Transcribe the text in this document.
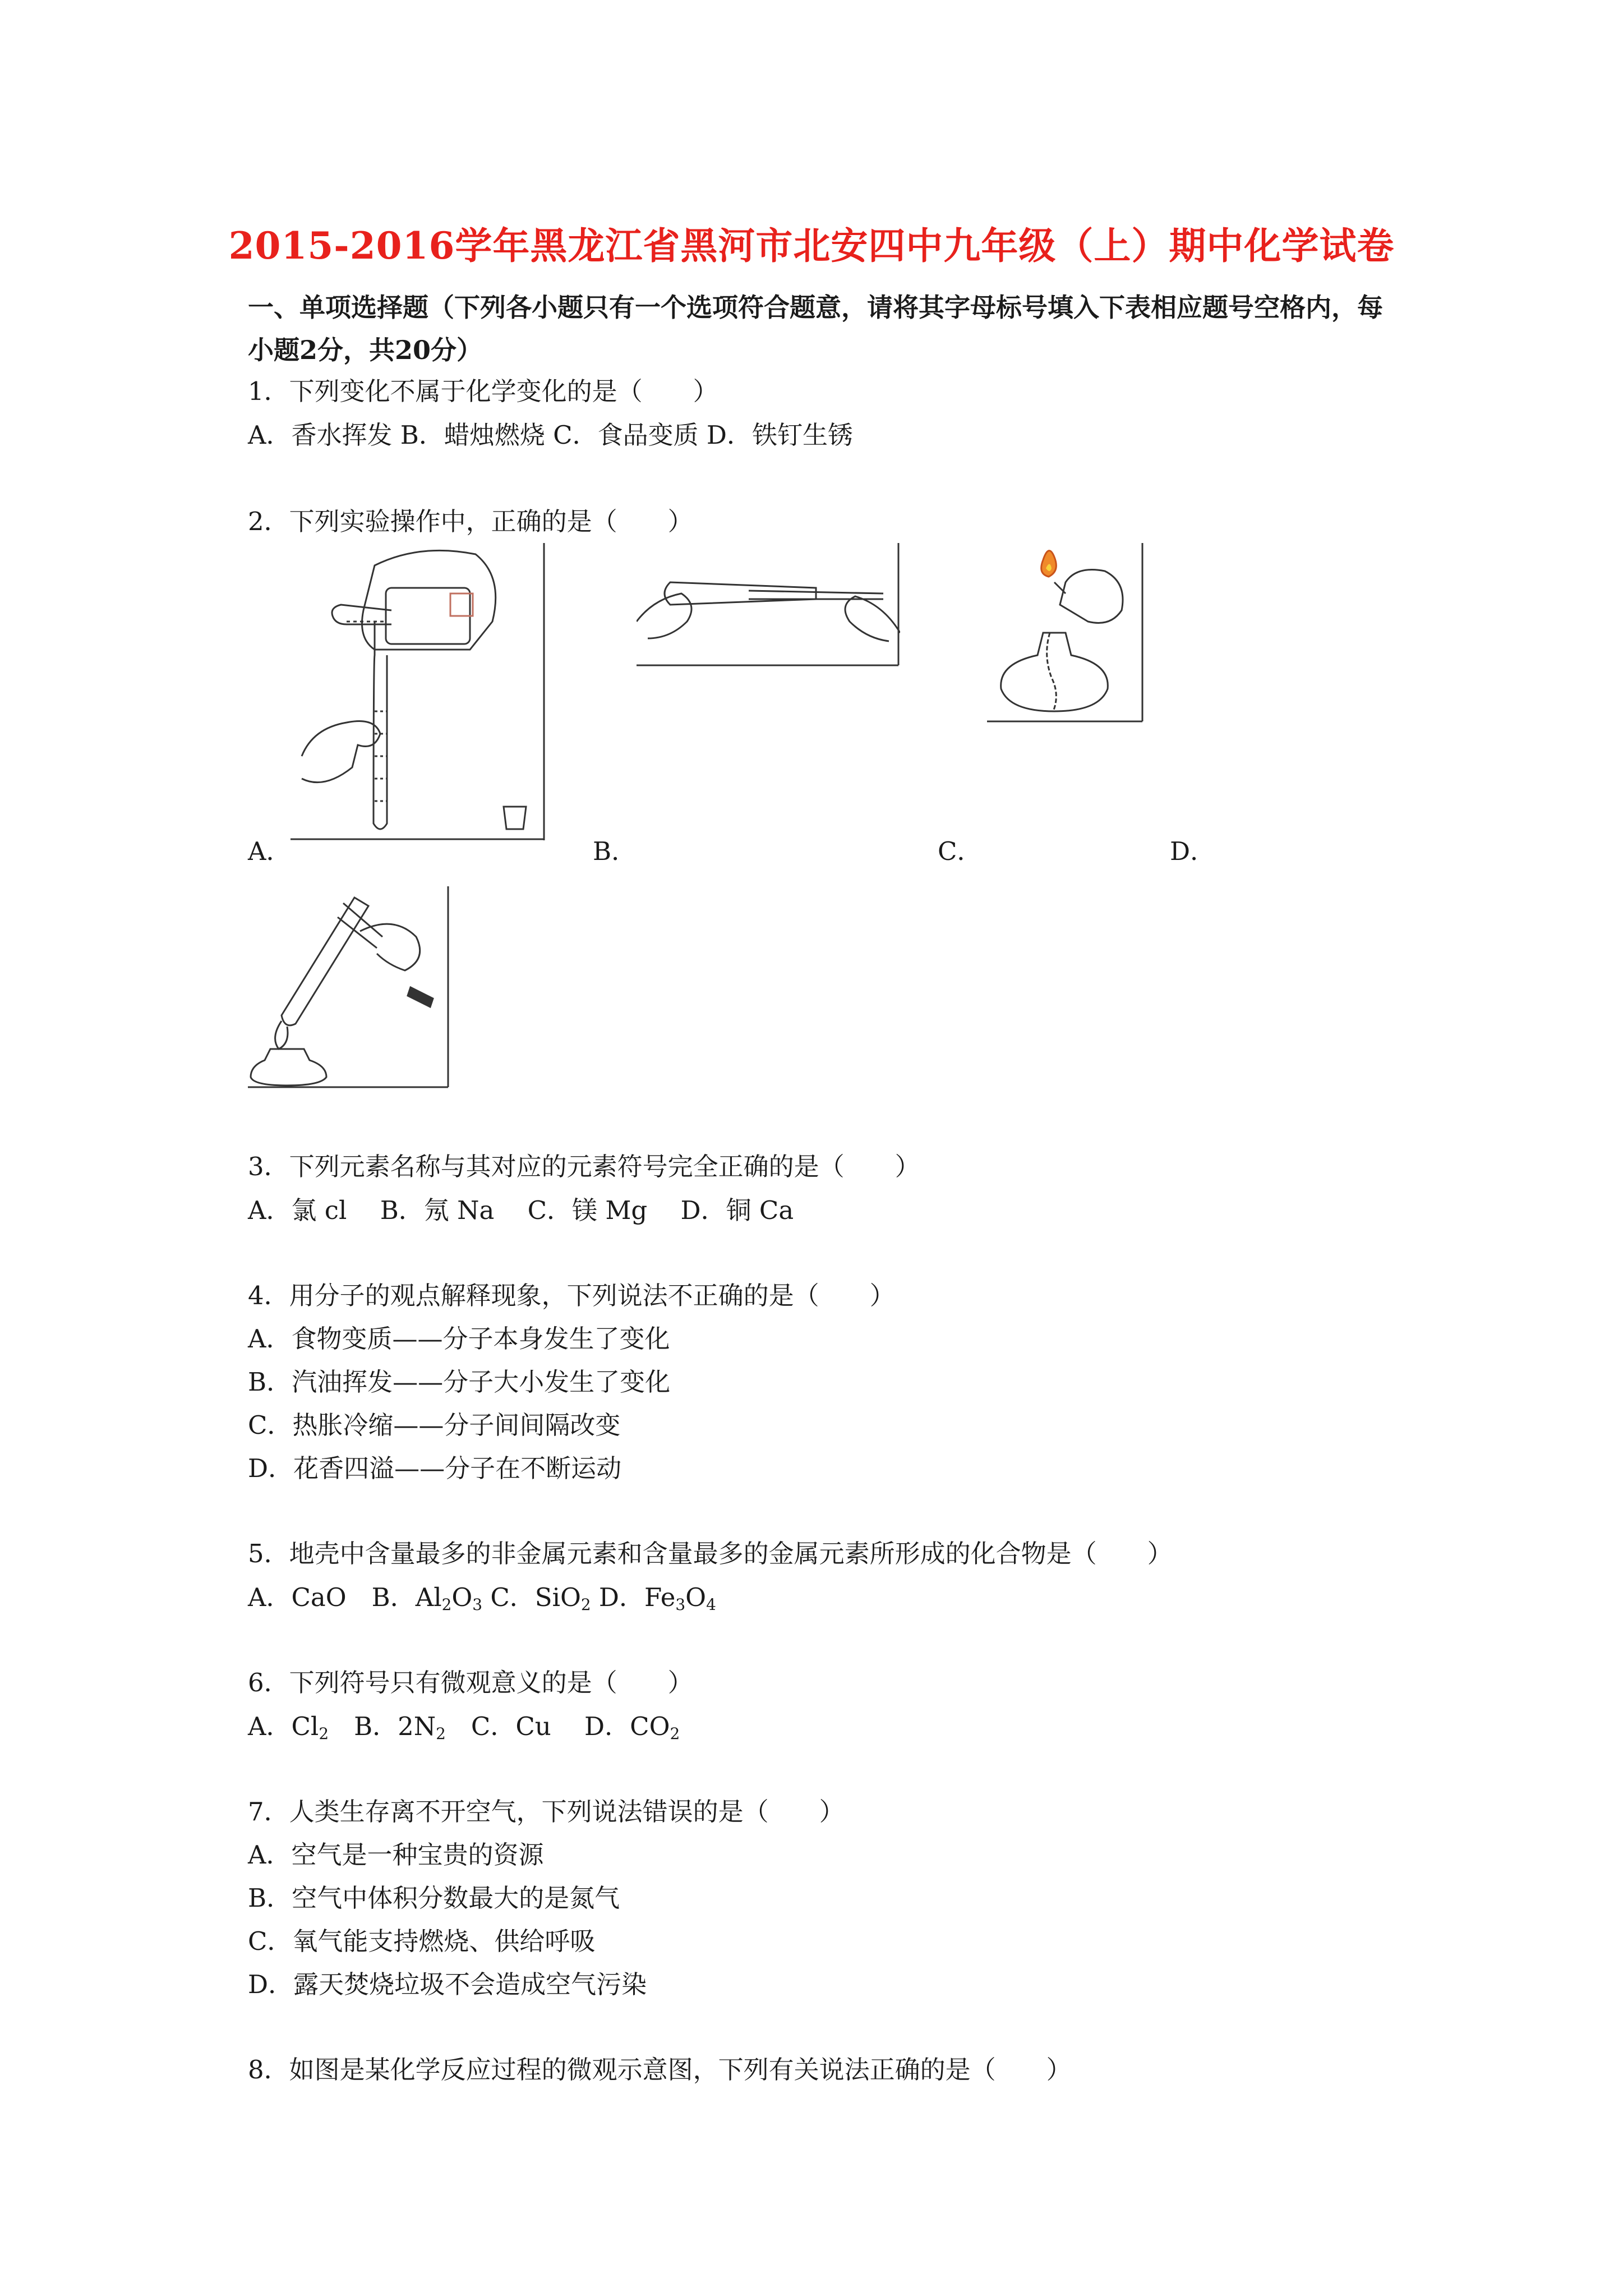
2015-2016学年黑龙江省黑河市北安四中九年级（上）期中化学试卷
一、单项选择题（下列各小题只有一个选项符合题意，请将其字母标号填入下表相应题号空格内，每小题2分，共20分）
1．下列变化不属于化学变化的是（　　）
A．香水挥发 B．蜡烛燃烧 C．食品变质 D．铁钉生锈
2．下列实验操作中，正确的是（　　）
A．	B．	C．	D．
3．下列元素名称与其对应的元素符号完全正确的是（　　）
A．氯 cl　 B．氖 Na　 C．镁 Mg　 D．铜 Ca
4．用分子的观点解释现象，下列说法不正确的是（　　）
A．食物变质——分子本身发生了变化
B．汽油挥发——分子大小发生了变化
C．热胀冷缩——分子间间隔改变
D．花香四溢——分子在不断运动
5．地壳中含量最多的非金属元素和含量最多的金属元素所形成的化合物是（　　）
A．CaO　B．$Al_2O_3$ C．SiO$_2$ D．$Fe_3O_4$
6．下列符号只有微观意义的是（　　）
A．$Cl_2$　B．$2N_2$　C．Cu　 D．$CO_2$
7．人类生存离不开空气，下列说法错误的是（　　）
A．空气是一种宝贵的资源
B．空气中体积分数最大的是氮气
C．氧气能支持燃烧、供给呼吸
D．露天焚烧垃圾不会造成空气污染
8．如图是某化学反应过程的微观示意图，下列有关说法正确的是（　　）
